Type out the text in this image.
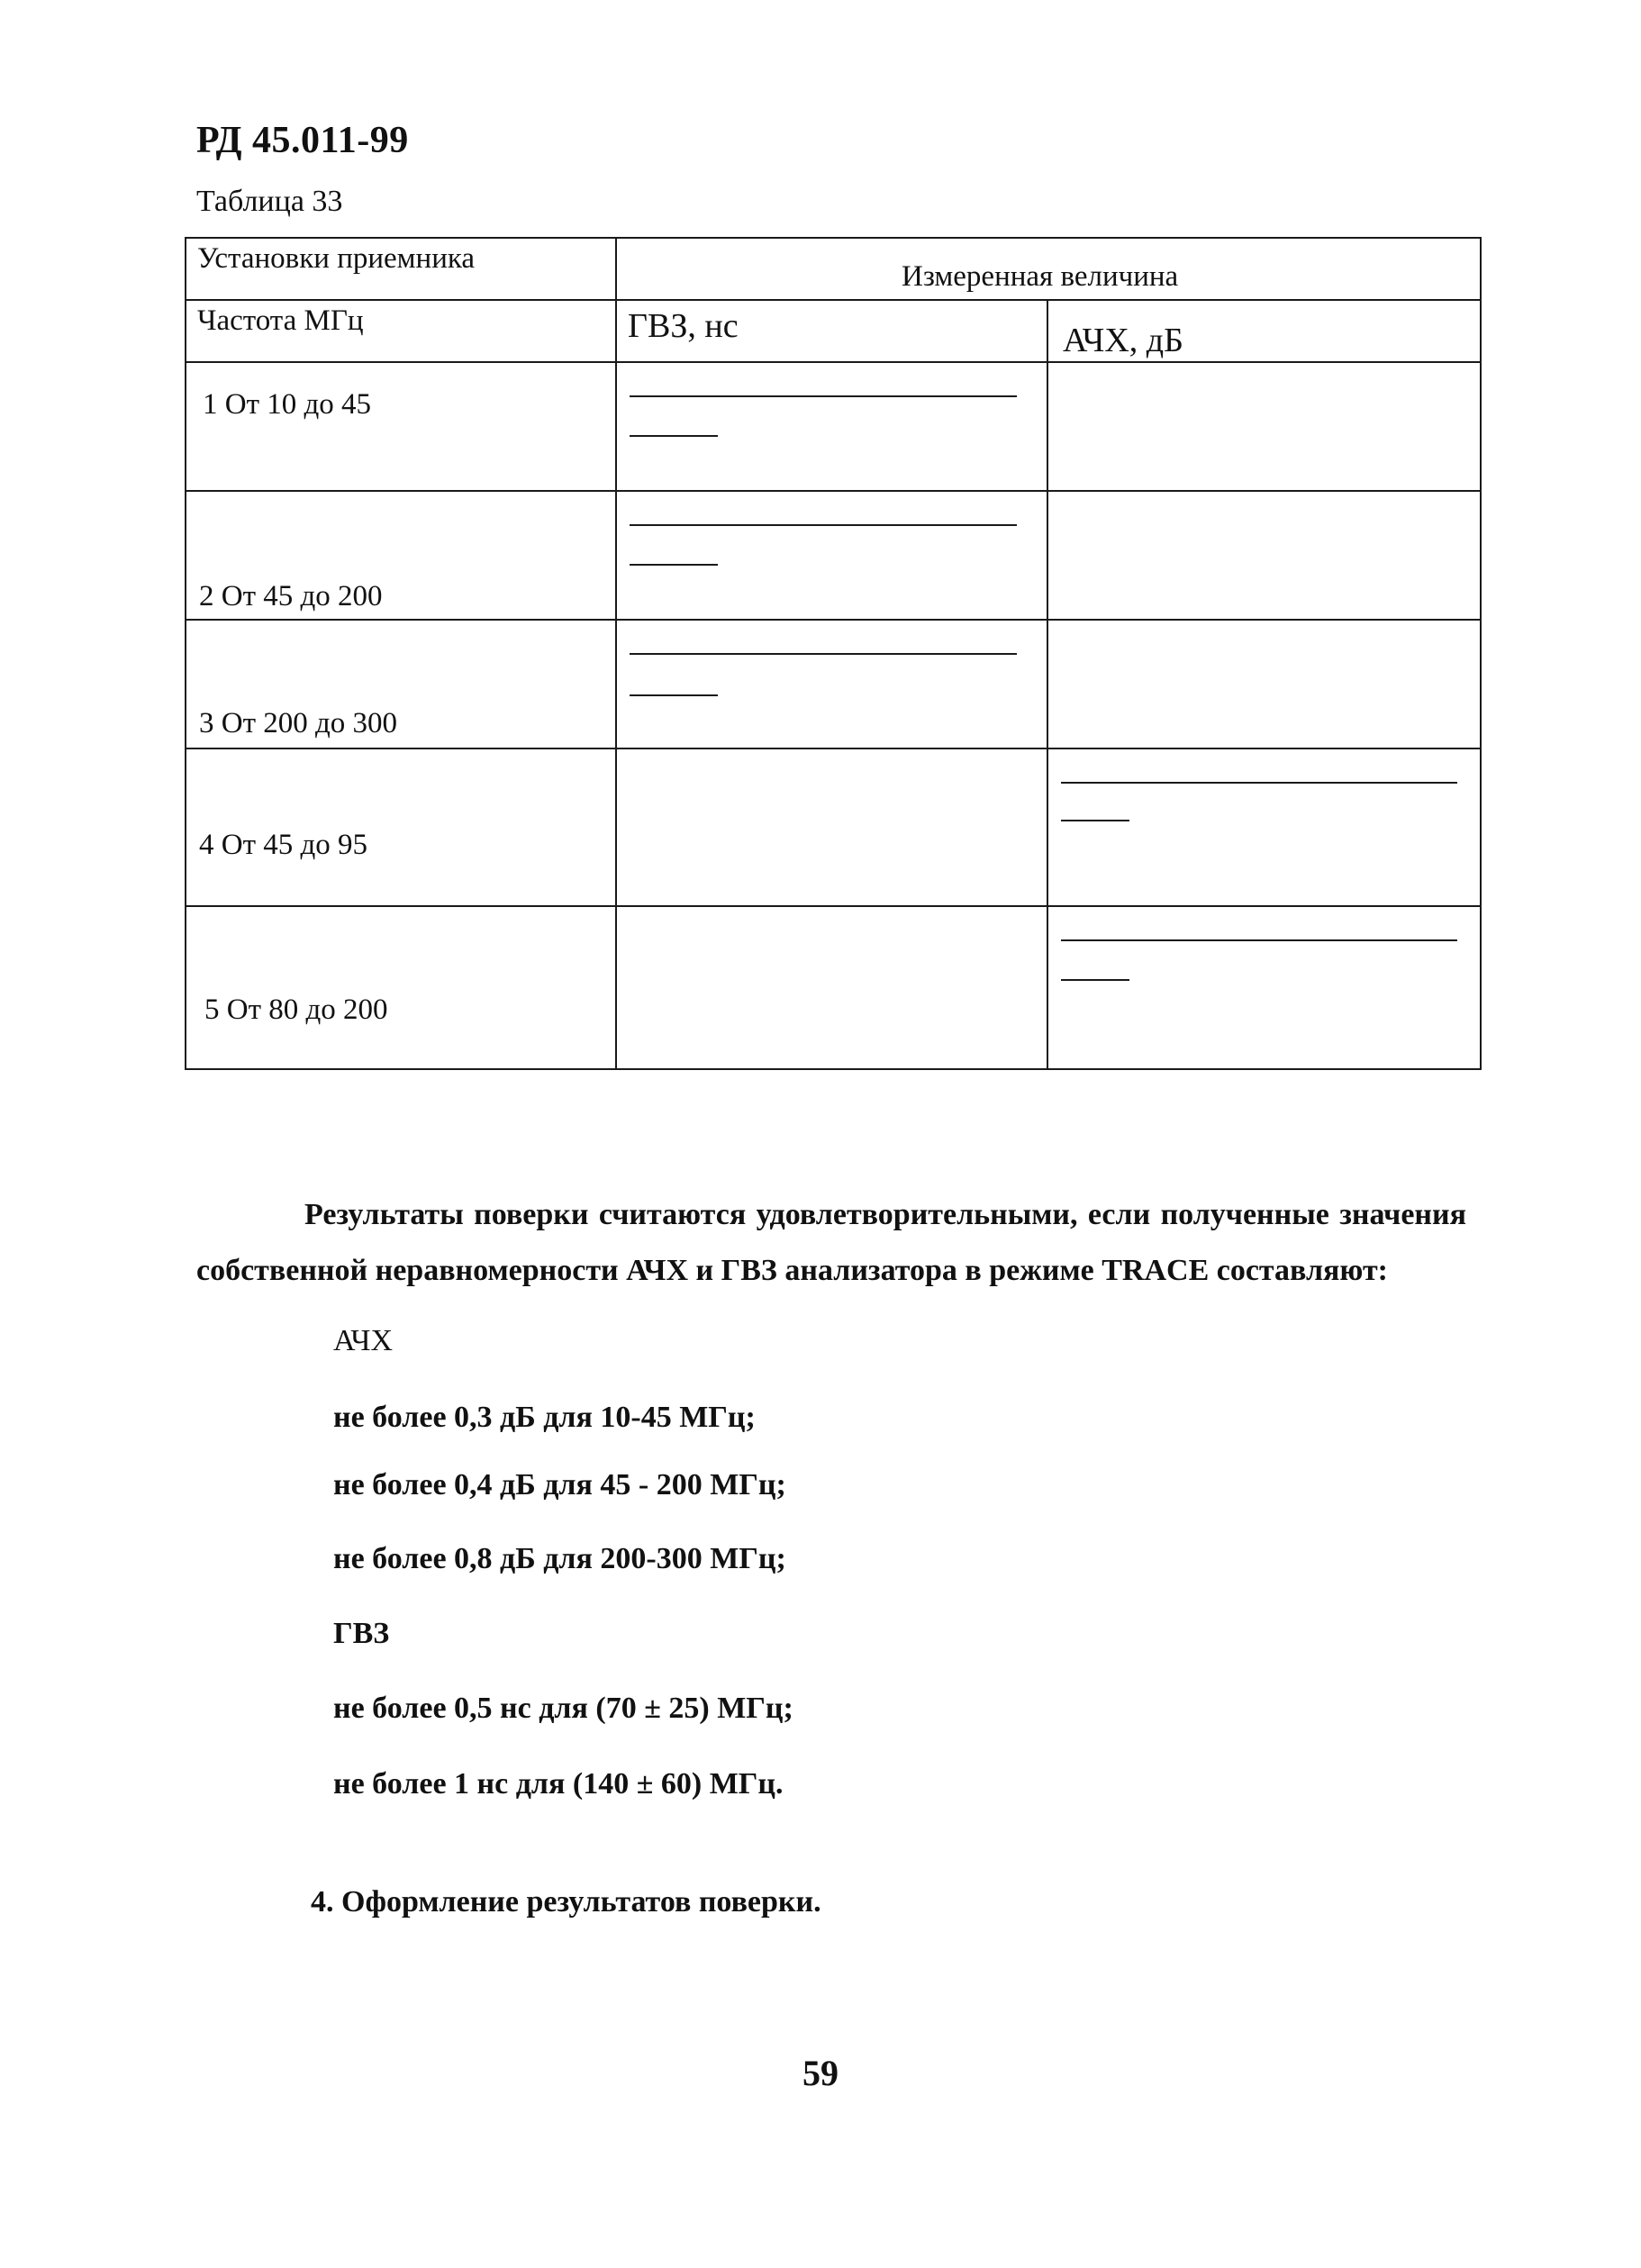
РД 45.011-99
Таблица 33
Установки приемника
Измеренная величина
Частота МГц	ГВЗ, нс	АЧХ, дБ
1 От 10 до 45
2 От 45 до 200
3 От 200 до 300
4 От 45 до 95
5 От 80 до 200
Результаты поверки считаются удовлетворительными, если полученные значения собственной неравномерности АЧХ и ГВЗ анализатора в режиме TRACE составляют:
АЧХ
не более 0,3 дБ для 10-45 МГц;
не более 0,4 дБ для 45 - 200 МГц;
не более 0,8 дБ для 200-300 МГц;
ГВЗ
не более 0,5 нс для (70 ± 25) МГц;
не более 1 нс для (140 ± 60) МГц.
4. Оформление результатов поверки.
59
